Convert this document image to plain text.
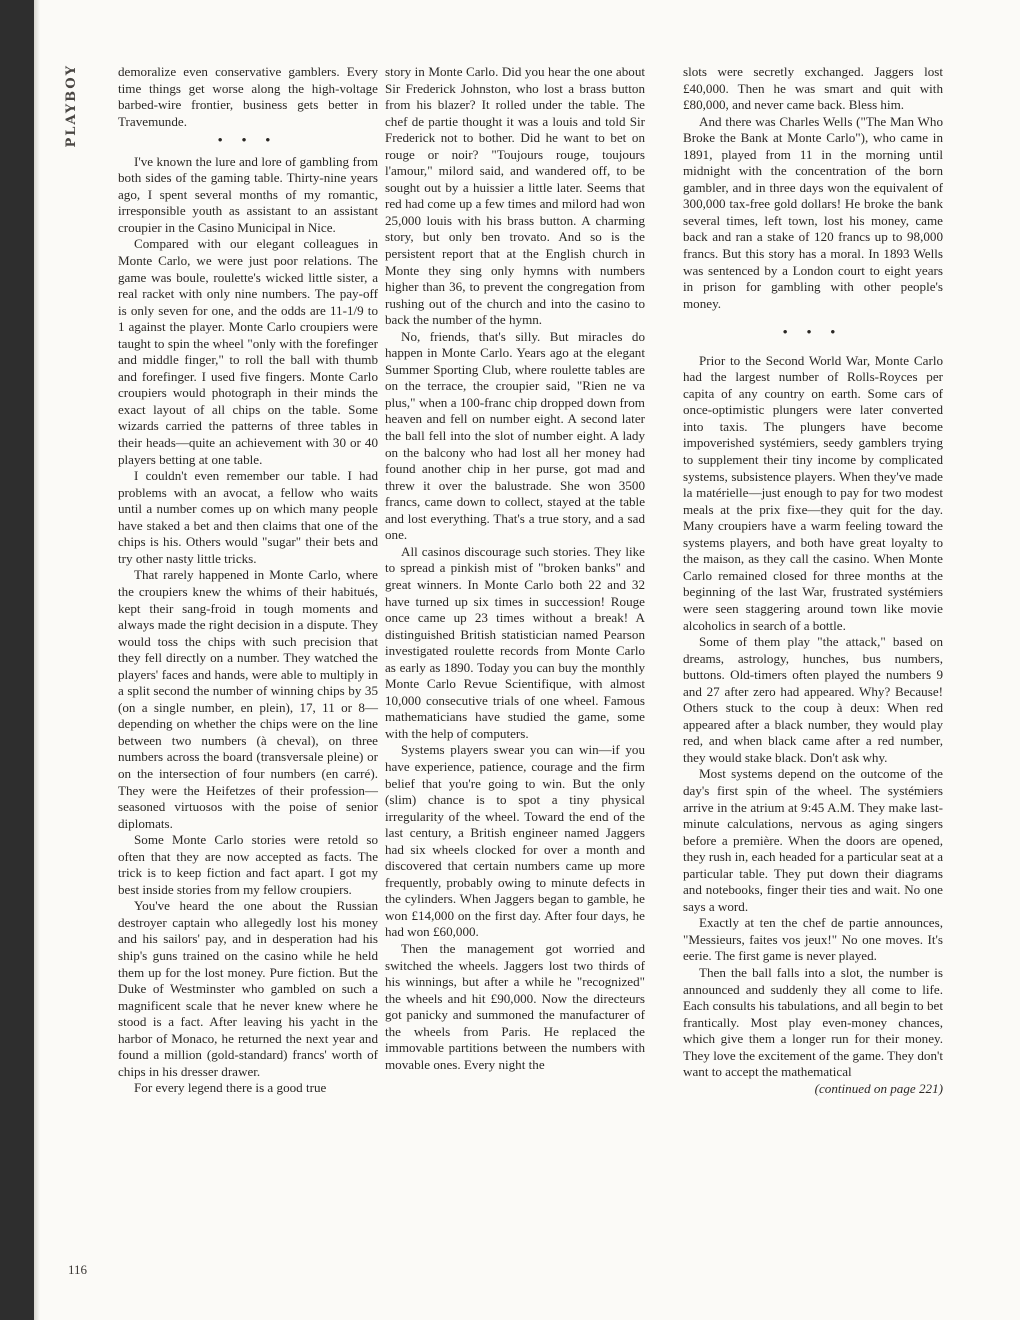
PLAYBOY
116

demoralize even conservative gamblers. Every time things get worse along the high-voltage barbed-wire frontier, business gets better in Travemunde.

• • •

I've known the lure and lore of gambling from both sides of the gaming table. Thirty-nine years ago, I spent several months of my romantic, irresponsible youth as assistant to an assistant croupier in the Casino Municipal in Nice.

Compared with our elegant colleagues in Monte Carlo, we were just poor relations. The game was boule, roulette's wicked little sister, a real racket with only nine numbers. The pay-off is only seven for one, and the odds are 11-1/9 to 1 against the player. Monte Carlo croupiers were taught to spin the wheel "only with the forefinger and middle finger," to roll the ball with thumb and forefinger. I used five fingers. Monte Carlo croupiers would photograph in their minds the exact layout of all chips on the table. Some wizards carried the patterns of three tables in their heads—quite an achievement with 30 or 40 players betting at one table.

I couldn't even remember our table. I had problems with an avocat, a fellow who waits until a number comes up on which many people have staked a bet and then claims that one of the chips is his. Others would "sugar" their bets and try other nasty little tricks.

That rarely happened in Monte Carlo, where the croupiers knew the whims of their habitués, kept their sang-froid in tough moments and always made the right decision in a dispute. They would toss the chips with such precision that they fell directly on a number. They watched the players' faces and hands, were able to multiply in a split second the number of winning chips by 35 (on a single number, en plein), 17, 11 or 8—depending on whether the chips were on the line between two numbers (à cheval), on three numbers across the board (transversale pleine) or on the intersection of four numbers (en carré). They were the Heifetzes of their profession—seasoned virtuosos with the poise of senior diplomats.

Some Monte Carlo stories were retold so often that they are now accepted as facts. The trick is to keep fiction and fact apart. I got my best inside stories from my fellow croupiers.

You've heard the one about the Russian destroyer captain who allegedly lost his money and his sailors' pay, and in desperation had his ship's guns trained on the casino while he held them up for the lost money. Pure fiction. But the Duke of Westminster who gambled on such a magnificent scale that he never knew where he stood is a fact. After leaving his yacht in the harbor of Monaco, he returned the next year and found a million (gold-standard) francs' worth of chips in his dresser drawer.

For every legend there is a good true

story in Monte Carlo. Did you hear the one about Sir Frederick Johnston, who lost a brass button from his blazer? It rolled under the table. The chef de partie thought it was a louis and told Sir Frederick not to bother. Did he want to bet on rouge or noir? "Toujours rouge, toujours l'amour," milord said, and wandered off, to be sought out by a huissier a little later. Seems that red had come up a few times and milord had won 25,000 louis with his brass button. A charming story, but only ben trovato. And so is the persistent report that at the English church in Monte they sing only hymns with numbers higher than 36, to prevent the congregation from rushing out of the church and into the casino to back the number of the hymn.

No, friends, that's silly. But miracles do happen in Monte Carlo. Years ago at the elegant Summer Sporting Club, where roulette tables are on the terrace, the croupier said, "Rien ne va plus," when a 100-franc chip dropped down from heaven and fell on number eight. A second later the ball fell into the slot of number eight. A lady on the balcony who had lost all her money had found another chip in her purse, got mad and threw it over the balustrade. She won 3500 francs, came down to collect, stayed at the table and lost everything. That's a true story, and a sad one.

All casinos discourage such stories. They like to spread a pinkish mist of "broken banks" and great winners. In Monte Carlo both 22 and 32 have turned up six times in succession! Rouge once came up 23 times without a break! A distinguished British statistician named Pearson investigated roulette records from Monte Carlo as early as 1890. Today you can buy the monthly Monte Carlo Revue Scientifique, with almost 10,000 consecutive trials of one wheel. Famous mathematicians have studied the game, some with the help of computers.

Systems players swear you can win—if you have experience, patience, courage and the firm belief that you're going to win. But the only (slim) chance is to spot a tiny physical irregularity of the wheel. Toward the end of the last century, a British engineer named Jaggers had six wheels clocked for over a month and discovered that certain numbers came up more frequently, probably owing to minute defects in the cylinders. When Jaggers began to gamble, he won £14,000 on the first day. After four days, he had won £60,000.

Then the management got worried and switched the wheels. Jaggers lost two thirds of his winnings, but after a while he "recognized" the wheels and hit £90,000. Now the directeurs got panicky and summoned the manufacturer of the wheels from Paris. He replaced the immovable partitions between the numbers with movable ones. Every night the

slots were secretly exchanged. Jaggers lost £40,000. Then he was smart and quit with £80,000, and never came back. Bless him.

And there was Charles Wells ("The Man Who Broke the Bank at Monte Carlo"), who came in 1891, played from 11 in the morning until midnight with the concentration of the born gambler, and in three days won the equivalent of 300,000 tax-free gold dollars! He broke the bank several times, left town, lost his money, came back and ran a stake of 120 francs up to 98,000 francs. But this story has a moral. In 1893 Wells was sentenced by a London court to eight years in prison for gambling with other people's money.

• • •

Prior to the Second World War, Monte Carlo had the largest number of Rolls-Royces per capita of any country on earth. Some cars of once-optimistic plungers were later converted into taxis. The plungers have become impoverished systémiers, seedy gamblers trying to supplement their tiny income by complicated systems, subsistence players. When they've made la matérielle—just enough to pay for two modest meals at the prix fixe—they quit for the day. Many croupiers have a warm feeling toward the systems players, and both have great loyalty to the maison, as they call the casino. When Monte Carlo remained closed for three months at the beginning of the last War, frustrated systémiers were seen staggering around town like movie alcoholics in search of a bottle.

Some of them play "the attack," based on dreams, astrology, hunches, bus numbers, buttons. Old-timers often played the numbers 9 and 27 after zero had appeared. Why? Because! Others stuck to the coup à deux: When red appeared after a black number, they would play red, and when black came after a red number, they would stake black. Don't ask why.

Most systems depend on the outcome of the day's first spin of the wheel. The systémiers arrive in the atrium at 9:45 A.M. They make last-minute calculations, nervous as aging singers before a première. When the doors are opened, they rush in, each headed for a particular seat at a particular table. They put down their diagrams and notebooks, finger their ties and wait. No one says a word.

Exactly at ten the chef de partie announces, "Messieurs, faites vos jeux!" No one moves. It's eerie. The first game is never played.

Then the ball falls into a slot, the number is announced and suddenly they all come to life. Each consults his tabulations, and all begin to bet frantically. Most play even-money chances, which give them a longer run for their money. They love the excitement of the game. They don't want to accept the mathematical

(continued on page 221)
